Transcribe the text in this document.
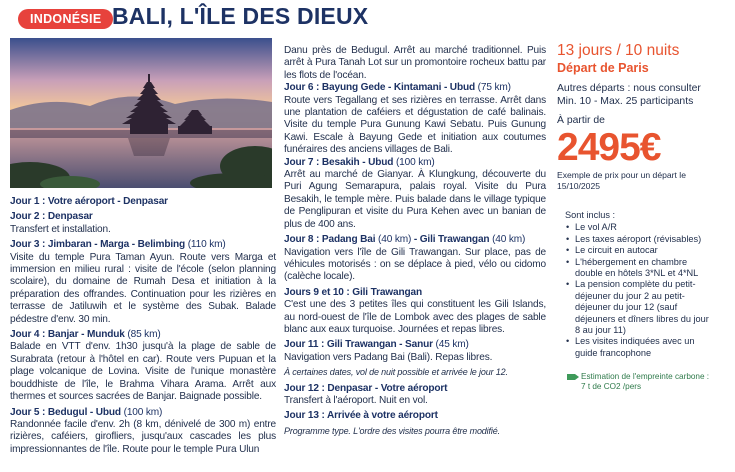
INDONÉSIE BALI, L'ÎLE DES DIEUX
Jour 1 : Votre aéroport - Denpasar
Jour 2 : Denpasar

Transfert et installation.

Jour 3 : Jimbaran - Marga - Belimbing (110 km)

Visite du temple Pura Taman Ayun. Route vers Marga et immersion en milieu rural : visite de l'école (selon planning scolaire), du domaine de Rumah Desa et initiation à la préparation des offrandes. Continuation pour les rizières en terrasse de Jatiluwih et le système des Subak. Balade pédestre d'env. 30 min.

Jour 4 : Banjar - Munduk (85 km)

Balade en VTT d'env. 1h30 jusqu'à la plage de sable de Surabrata (retour à l'hôtel en car). Route vers Pupuan et la plage volcanique de Lovina. Visite de l'unique monastère bouddhiste de l'île, le Brahma Vihara Arama. Arrêt aux thermes et sources sacrées de Banjar. Baignade possible.

Jour 5 : Bedugul - Ubud (100 km)

Randonnée facile d'env. 2h (8 km, dénivelé de 300 m) entre rizières, caféiers, girofliers, jusqu'aux cascades les plus impressionnantes de l'île. Route pour le temple Pura Ulun

Danu près de Bedugul. Arrêt au marché traditionnel. Puis arrêt à Pura Tanah Lot sur un promontoire rocheux battu par les flots de l'océan.

Jour 6 : Bayung Gede - Kintamani - Ubud (75 km)

Route vers Tegallang et ses rizières en terrasse. Arrêt dans une plantation de caféiers et dégustation de café balinais. Visite du temple Pura Gunung Kawi Sebatu. Puis Gunung Kawi. Escale à Bayung Gede et initiation aux coutumes funéraires des anciens villages de Bali.

Jour 7 : Besakih - Ubud (100 km)

Arrêt au marché de Gianyar. À Klungkung, découverte du Puri Agung Semarapura, palais royal. Visite du Pura Besakih, le temple mère. Puis balade dans le village typique de Penglipuran et visite du Pura Kehen avec un banian de plus de 400 ans.

Jour 8 : Padang Bai (40 km) - Gili Trawangan (40 km)

Navigation vers l'île de Gili Trawangan. Sur place, pas de véhicules motorisés : on se déplace à pied, vélo ou cidomo (calèche locale).

Jours 9 et 10 : Gili Trawangan

C'est une des 3 petites îles qui constituent les Gili Islands, au nord-ouest de l'île de Lombok avec des plages de sable blanc aux eaux turquoise. Journées et repas libres.

Jour 11 : Gili Trawangan - Sanur (45 km)

Navigation vers Padang Bai (Bali). Repas libres.

À certaines dates, vol de nuit possible et arrivée le jour 12.
Jour 12 : Denpasar - Votre aéroport

Transfert à l'aéroport. Nuit en vol.

Jour 13 : Arrivée à votre aéroport
Programme type. L'ordre des visites pourra être modifié.
13 jours / 10 nuits
Départ de Paris
Autres départs : nous consulter
Min. 10 - Max. 25 participants
À partir de
2495€
Exemple de prix pour un départ le
15/10/2025
Sont inclus :
• Le vol A/R
• Les taxes aéroport (révisables)
• Le circuit en autocar
• L'hébergement en chambre double en hôtels 3*NL et 4*NL
• La pension complète du petit-déjeuner du jour 2 au petit-déjeuner du jour 12 (sauf déjeuners et dîners libres du jour 8 au jour 11)
• Les visites indiquées avec un guide francophone
Estimation de l'empreinte carbone :
7 t de CO2 /pers
